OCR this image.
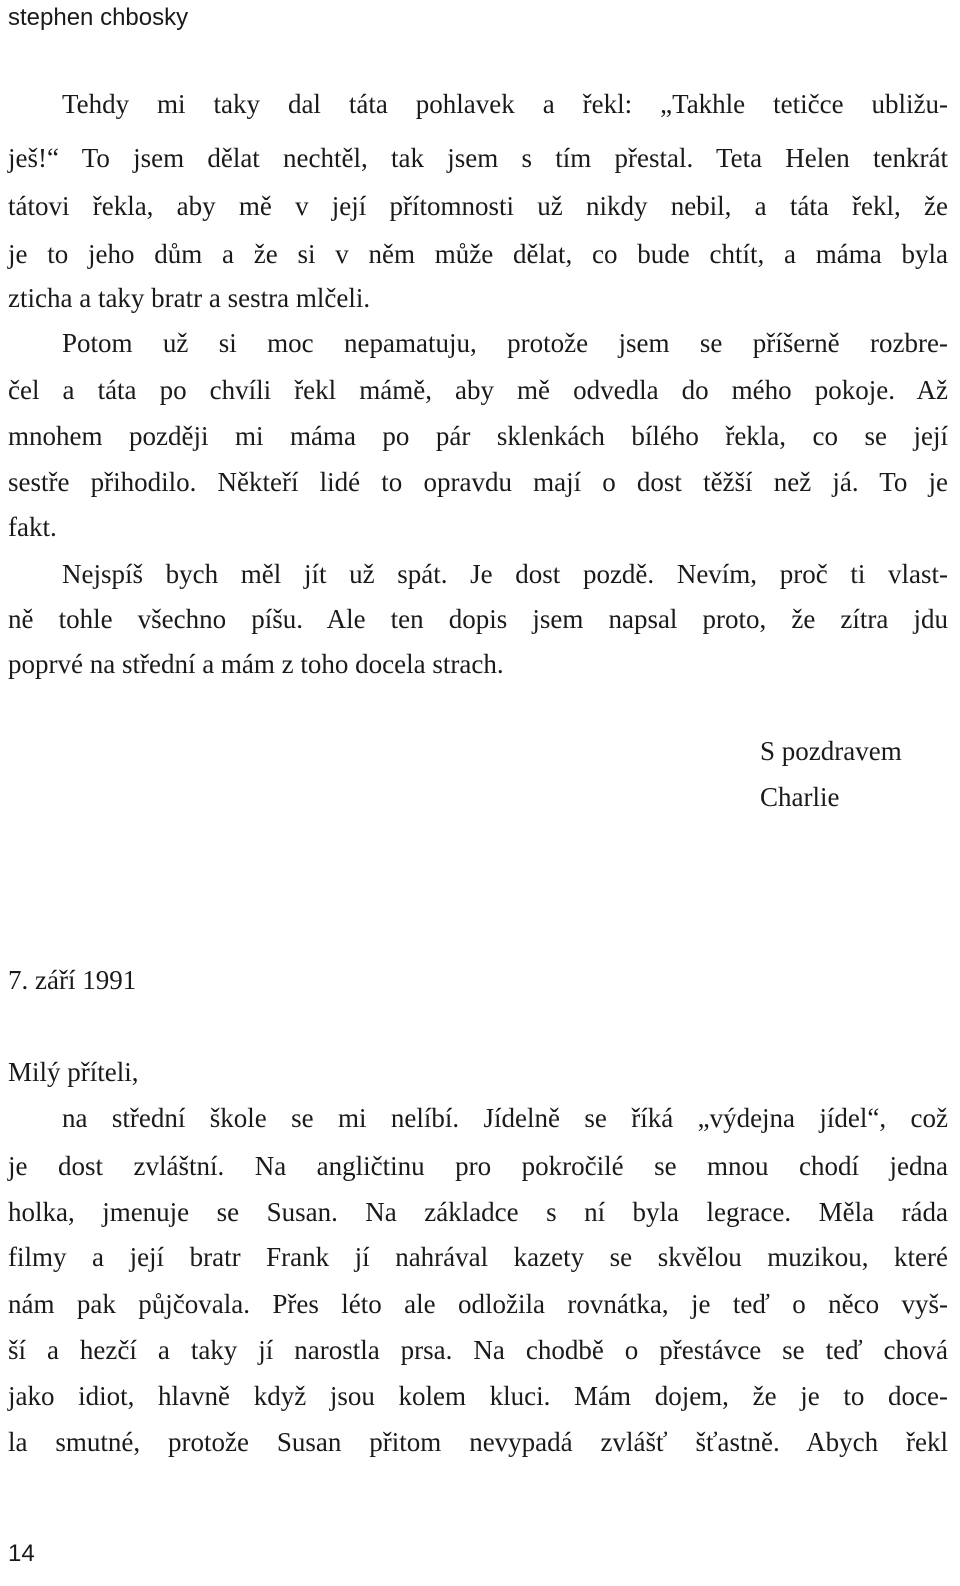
stephen chbosky
Tehdy mi taky dal táta pohlavek a řekl: „Takhle tetičce ubližu-
ješ!“ To jsem dělat nechtěl, tak jsem s tím přestal. Teta Helen tenkrát
tátovi řekla, aby mě v její přítomnosti už nikdy nebil, a táta řekl, že
je to jeho dům a že si v něm může dělat, co bude chtít, a máma byla
zticha a taky bratr a sestra mlčeli.
Potom už si moc nepamatuju, protože jsem se příšerně rozbre-
čel a táta po chvíli řekl mámě, aby mě odvedla do mého pokoje. Až
mnohem později mi máma po pár sklenkách bílého řekla, co se její
sestře přihodilo. Někteří lidé to opravdu mají o dost těžší než já. To je
fakt.
Nejspíš bych měl jít už spát. Je dost pozdě. Nevím, proč ti vlast-
ně tohle všechno píšu. Ale ten dopis jsem napsal proto, že zítra jdu
poprvé na střední a mám z toho docela strach.
S pozdravem
Charlie
7. září 1991
Milý příteli,
na střední škole se mi nelíbí. Jídelně se říká „výdejna jídel“, což
je dost zvláštní. Na angličtinu pro pokročilé se mnou chodí jedna
holka, jmenuje se Susan. Na základce s ní byla legrace. Měla ráda
filmy a její bratr Frank jí nahrával kazety se skvělou muzikou, které
nám pak půjčovala. Přes léto ale odložila rovnátka, je teď o něco vyš-
ší a hezčí a taky jí narostla prsa. Na chodbě o přestávce se teď chová
jako idiot, hlavně když jsou kolem kluci. Mám dojem, že je to doce-
la smutné, protože Susan přitom nevypadá zvlášť šťastně. Abych řekl
14
